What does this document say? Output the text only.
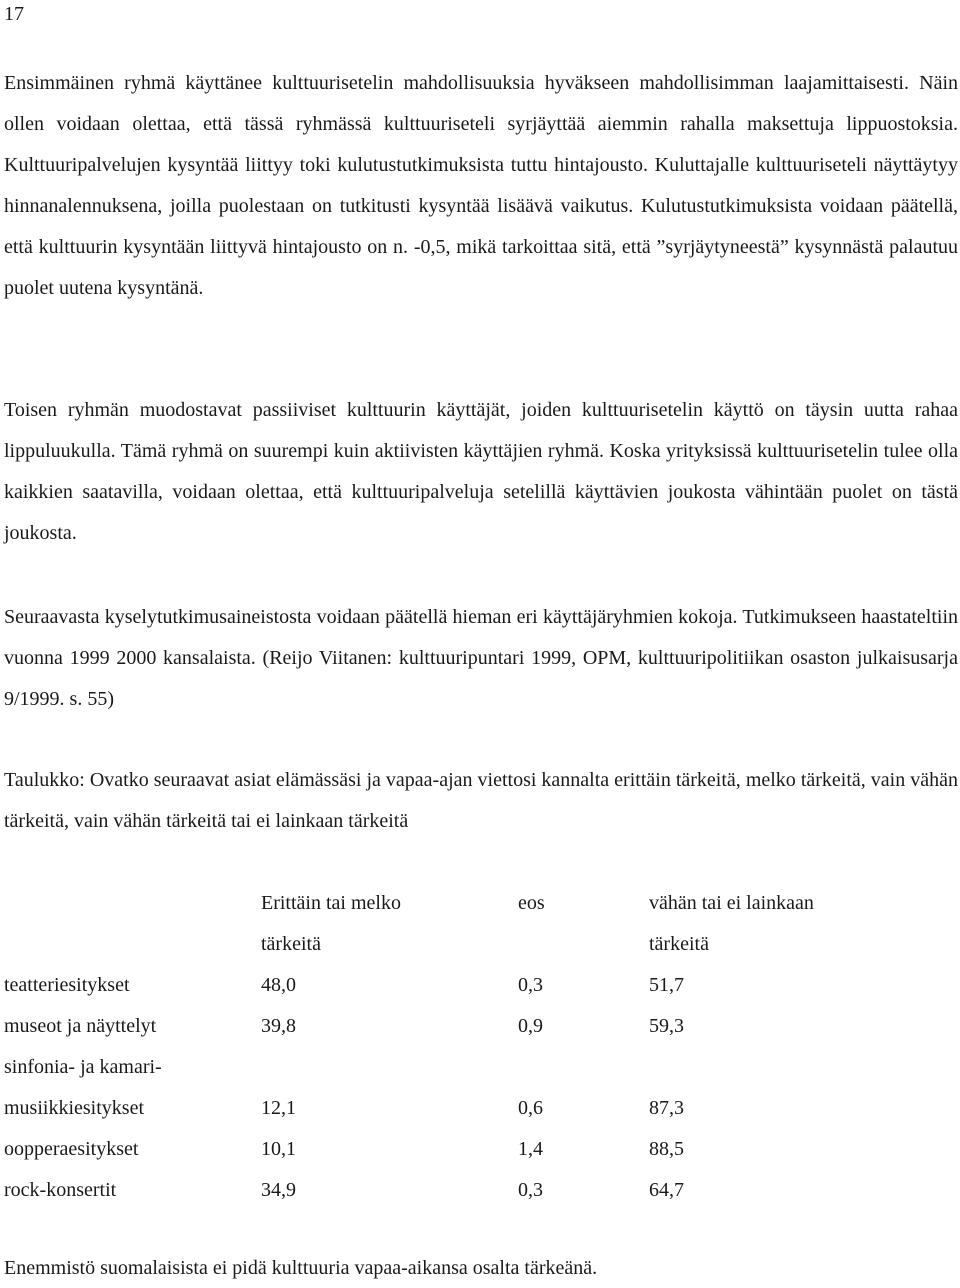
17

Ensimmäinen ryhmä käyttänee kulttuurisetelin mahdollisuuksia hyväkseen mahdollisimman laajamittaisesti. Näin ollen voidaan olettaa, että tässä ryhmässä kulttuuriseteli syrjäyttää aiemmin rahalla maksettuja lippuostoksia. Kulttuuripalvelujen kysyntää liittyy toki kulutustutkimuksista tuttu hintajousto. Kuluttajalle kulttuuriseteli näyttäytyy hinnanalennuksena, joilla puolestaan on tutkitusti kysyntää lisäävä vaikutus. Kulutustutkimuksista voidaan päätellä, että kulttuurin kysyntään liittyvä hintajousto on n. -0,5, mikä tarkoittaa sitä, että ”syrjäytyneestä” kysynnästä palautuu puolet uutena kysyntänä.

Toisen ryhmän muodostavat passiiviset kulttuurin käyttäjät, joiden kulttuurisetelin käyttö on täysin uutta rahaa lippuluukulla. Tämä ryhmä on suurempi kuin aktiivisten käyttäjien ryhmä. Koska yrityksissä kulttuurisetelin tulee olla kaikkien saatavilla, voidaan olettaa, että kulttuuripalveluja setelillä käyttävien joukosta vähintään puolet on tästä joukosta.

Seuraavasta kyselytutkimusaineistosta voidaan päätellä hieman eri käyttäjäryhmien kokoja. Tutkimukseen haastateltiin vuonna 1999 2000 kansalaista. (Reijo Viitanen: kulttuuripuntari 1999, OPM, kulttuuripolitiikan osaston julkaisusarja 9/1999. s. 55)

Taulukko: Ovatko seuraavat asiat elämässäsi ja vapaa-ajan viettosi kannalta erittäin tärkeitä, melko tärkeitä, vain vähän tärkeitä, vain vähän tärkeitä tai ei lainkaan tärkeitä

	Erittäin tai melko	eos	vähän tai ei lainkaan
	tärkeitä		tärkeitä
teatteriesitykset	48,0	0,3	51,7
museot ja näyttelyt	39,8	0,9	59,3
sinfonia- ja kamari-			
musiikkiesitykset	12,1	0,6	87,3
oopperaesitykset	10,1	1,4	88,5
rock-konsertit	34,9	0,3	64,7

Enemmistö suomalaisista ei pidä kulttuuria vapaa-aikansa osalta tärkeänä.
